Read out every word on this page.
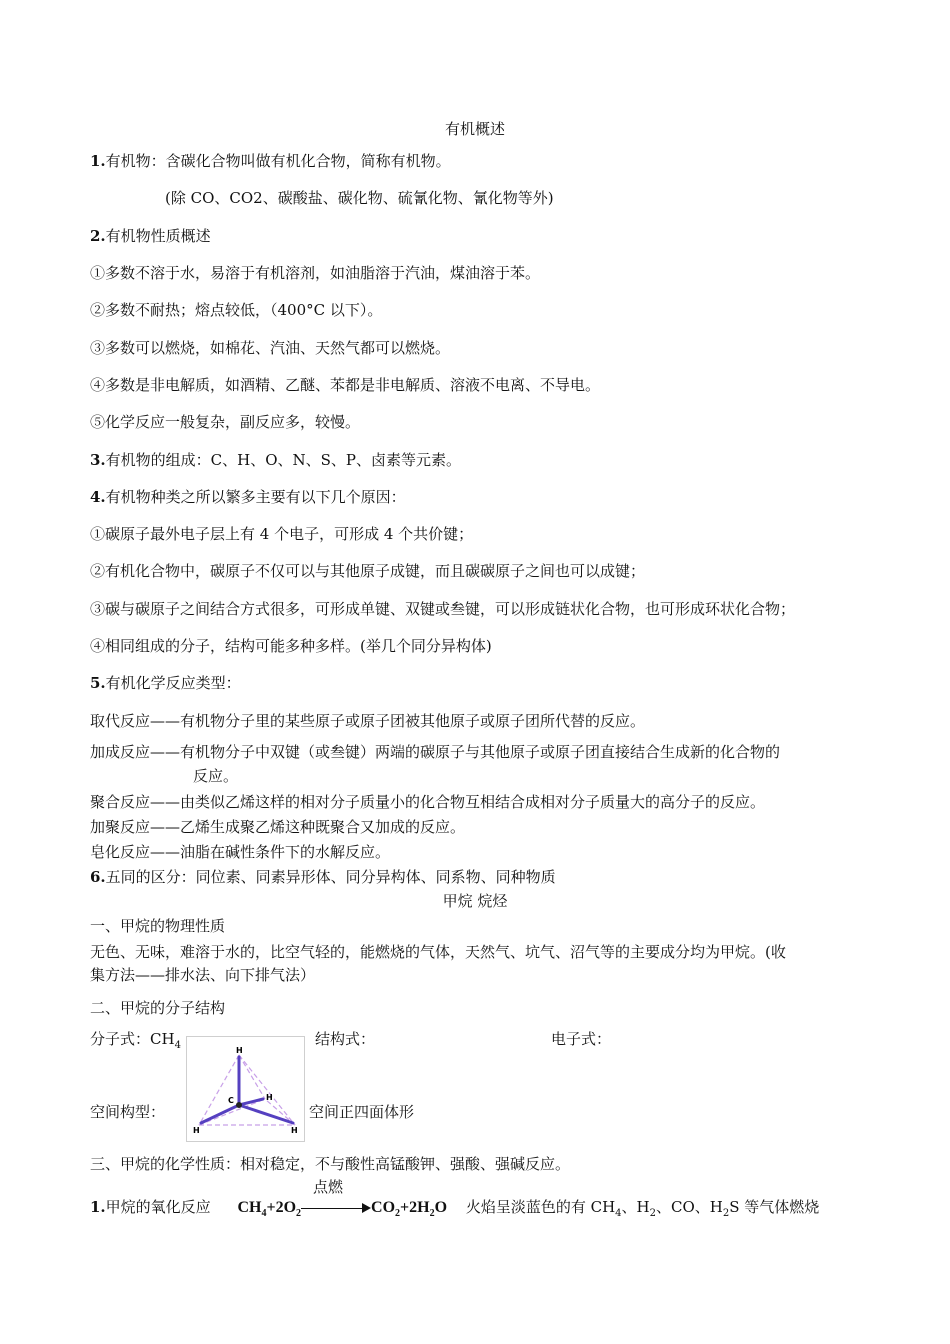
有机概述
1.有机物：含碳化合物叫做有机化合物，简称有机物。
(除 CO、CO2、碳酸盐、碳化物、硫氰化物、氰化物等外)
2.有机物性质概述
①多数不溶于水，易溶于有机溶剂，如油脂溶于汽油，煤油溶于苯。
②多数不耐热；熔点较低，（400°C 以下）。
③多数可以燃烧，如棉花、汽油、天然气都可以燃烧。
④多数是非电解质，如酒精、乙醚、苯都是非电解质、溶液不电离、不导电。
⑤化学反应一般复杂，副反应多，较慢。
3.有机物的组成：C、H、O、N、S、P、卤素等元素。
4.有机物种类之所以繁多主要有以下几个原因：
①碳原子最外电子层上有 4 个电子，可形成 4 个共价键；
②有机化合物中，碳原子不仅可以与其他原子成键，而且碳碳原子之间也可以成键；
③碳与碳原子之间结合方式很多，可形成单键、双键或叁键，可以形成链状化合物，也可形成环状化合物；
④相同组成的分子，结构可能多种多样。(举几个同分异构体)
5.有机化学反应类型：
取代反应——有机物分子里的某些原子或原子团被其他原子或原子团所代替的反应。
加成反应——有机物分子中双键（或叁键）两端的碳原子与其他原子或原子团直接结合生成新的化合物的
反应。
聚合反应——由类似乙烯这样的相对分子质量小的化合物互相结合成相对分子质量大的高分子的反应。
加聚反应——乙烯生成聚乙烯这种既聚合又加成的反应。
皂化反应——油脂在碱性条件下的水解反应。
6.五同的区分：同位素、同素异形体、同分异构体、同系物、同种物质
甲烷 烷烃
一、甲烷的物理性质
无色、无味，难溶于水的，比空气轻的，能燃烧的气体，天然气、坑气、沼气等的主要成分均为甲烷。(收
集方法——排水法、向下排气法）
二、甲烷的分子结构
分子式：$CH_4$	结构式：	电子式：
H
C	H
H	H
空间构型：	空间正四面体形
三、甲烷的化学性质：相对稳定，不与酸性高锰酸钾、强酸、强碱反应。
1.甲烷的氧化反应 $CH_4+2O_2$
点燃
$CO_2+2H_2O$ 火焰呈淡蓝色的有 $CH_4$、$H_2$、CO、$H_2S$ 等气体燃烧
